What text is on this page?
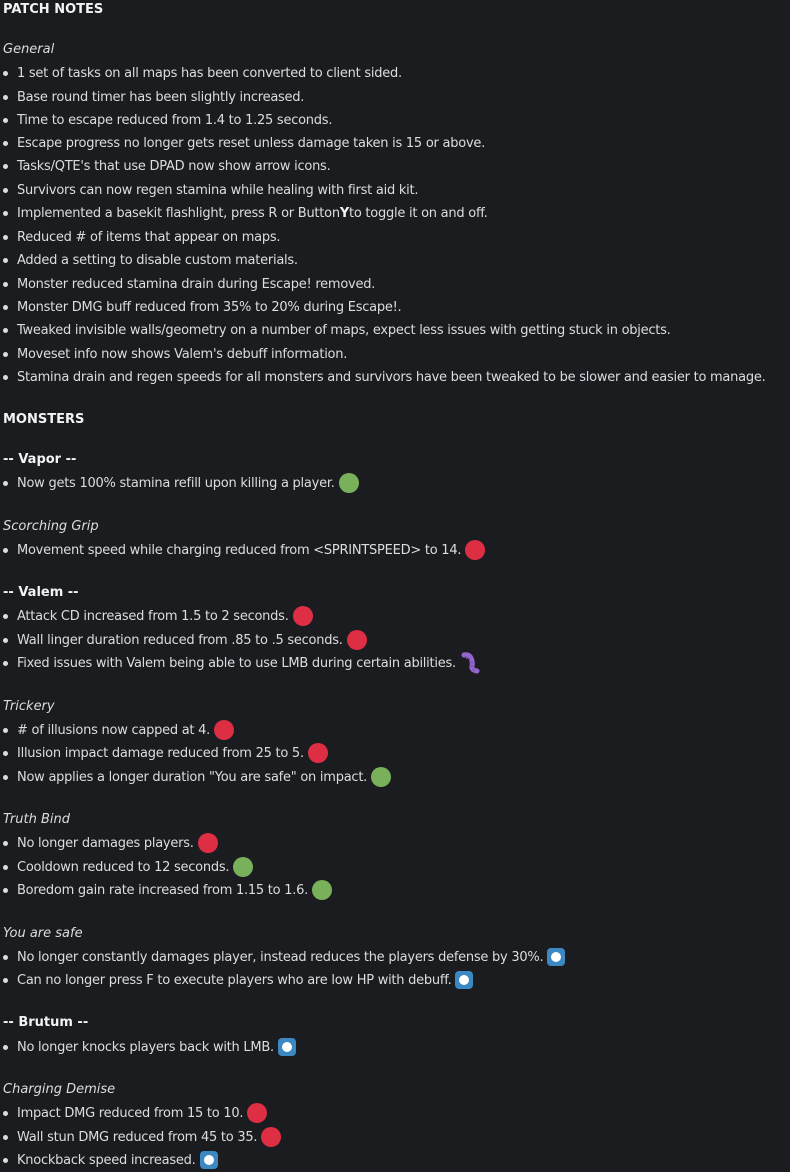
PATCH NOTES
General
1 set of tasks on all maps has been converted to client sided.
Base round timer has been slightly increased.
Time to escape reduced from 1.4 to 1.25 seconds.
Escape progress no longer gets reset unless damage taken is 15 or above.
Tasks/QTE's that use DPAD now show arrow icons.
Survivors can now regen stamina while healing with first aid kit.
Implemented a basekit flashlight, press R or Button Y to toggle it on and off.
Reduced # of items that appear on maps.
Added a setting to disable custom materials.
Monster reduced stamina drain during Escape! removed.
Monster DMG buff reduced from 35% to 20% during Escape!.
Tweaked invisible walls/geometry on a number of maps, expect less issues with getting stuck in objects.
Moveset info now shows Valem's debuff information.
Stamina drain and regen speeds for all monsters and survivors have been tweaked to be slower and easier to manage.
MONSTERS
-- Vapor --
Now gets 100% stamina refill upon killing a player.
Scorching Grip
Movement speed while charging reduced from <SPRINTSPEED> to 14.
-- Valem --
Attack CD increased from 1.5 to 2 seconds.
Wall linger duration reduced from .85 to .5 seconds.
Fixed issues with Valem being able to use LMB during certain abilities.
Trickery
# of illusions now capped at 4.
Illusion impact damage reduced from 25 to 5.
Now applies a longer duration "You are safe" on impact.
Truth Bind
No longer damages players.
Cooldown reduced to 12 seconds.
Boredom gain rate increased from 1.15 to 1.6.
You are safe
No longer constantly damages player, instead reduces the players defense by 30%.
Can no longer press F to execute players who are low HP with debuff.
-- Brutum --
No longer knocks players back with LMB.
Charging Demise
Impact DMG reduced from 15 to 10.
Wall stun DMG reduced from 45 to 35.
Knockback speed increased.
